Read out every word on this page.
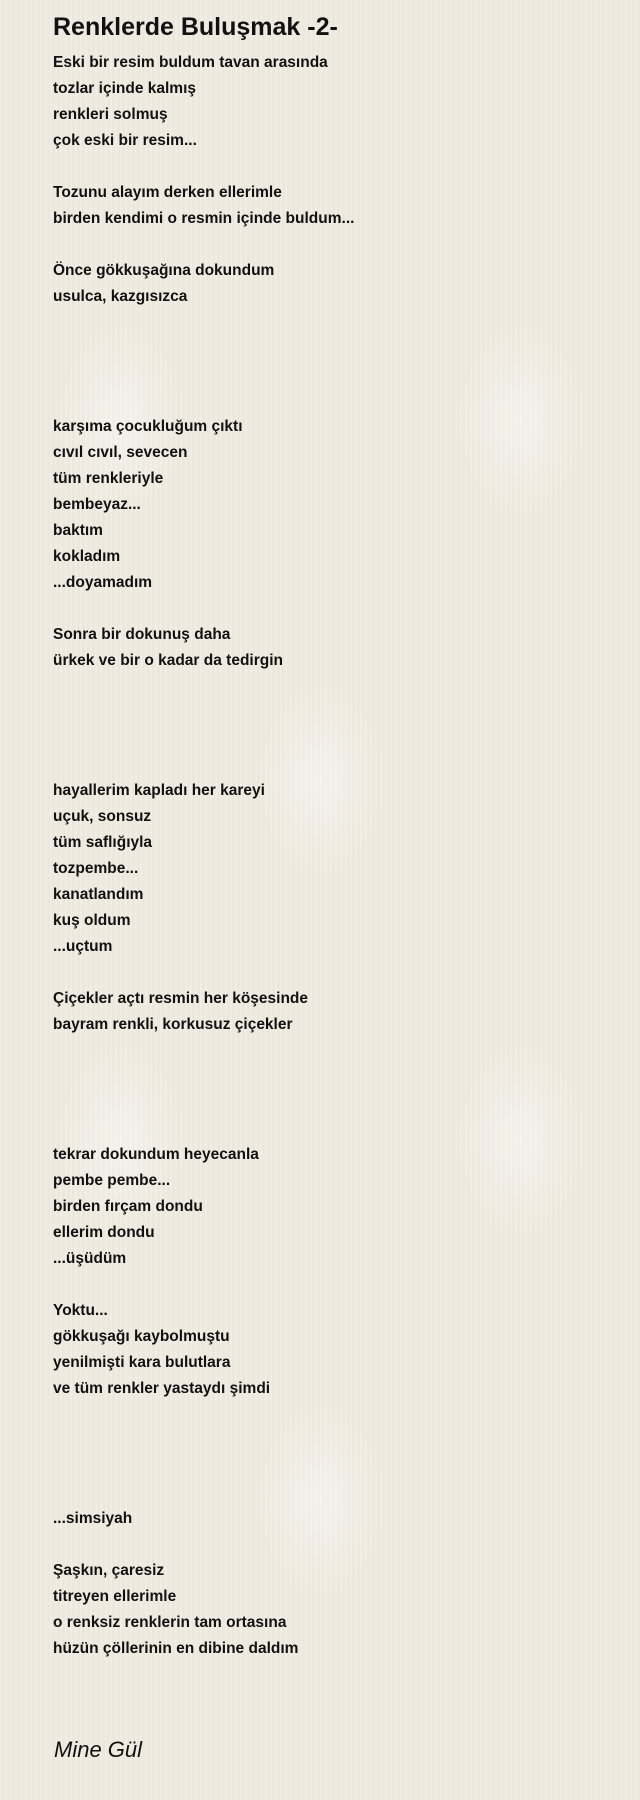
Renklerde Buluşmak -2-
Eski bir resim buldum tavan arasında
tozlar içinde kalmış
renkleri solmuş
çok eski bir resim...
Tozunu alayım derken ellerimle
birden kendimi o resmin içinde buldum...
Önce gökkuşağına dokundum
usulca, kazgısızca
karşıma çocukluğum çıktı
cıvıl cıvıl, sevecen
tüm renkleriyle
bembeyaz...
baktım
kokladım
...doyamadım
Sonra bir dokunuş daha
ürkek ve bir o kadar da tedirgin
hayallerim kapladı her kareyi
uçuk, sonsuz
tüm saflığıyla
tozpembe...
kanatlandım
kuş oldum
...uçtum
Çiçekler açtı resmin her köşesinde
bayram renkli, korkusuz çiçekler
tekrar dokundum heyecanla
pembe pembe...
birden fırçam dondu
ellerim dondu
...üşüdüm
Yoktu...
gökkuşağı kaybolmuştu
yenilmişti kara bulutlara
ve tüm renkler yastaydı şimdi
...simsiyah
Şaşkın, çaresiz
titreyen ellerimle
o renksiz renklerin tam ortasına
hüzün çöllerinin en dibine daldım
Mine Gül
